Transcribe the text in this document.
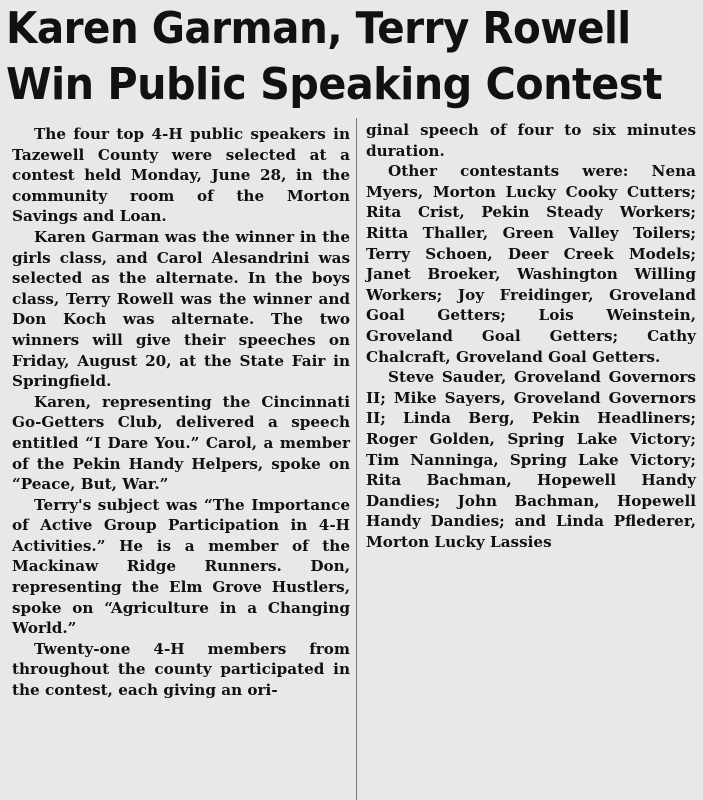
Karen Garman, Terry Rowell
Win Public Speaking Contest

The four top 4-H public speakers in Tazewell County were selected at a contest held Monday, June 28, in the community room of the Morton Savings and Loan.

Karen Garman was the winner in the girls class, and Carol Alesandrini was selected as the alternate. In the boys class, Terry Rowell was the winner and Don Koch was alternate. The two winners will give their speeches on Friday, August 20, at the State Fair in Springfield.

Karen, representing the Cincinnati Go-Getters Club, delivered a speech entitled “I Dare You.” Carol, a member of the Pekin Handy Helpers, spoke on “Peace, But, War.”

Terry's subject was “The Importance of Active Group Participation in 4-H Activities.” He is a member of the Mackinaw Ridge Runners. Don, representing the Elm Grove Hustlers, spoke on “Agriculture in a Changing World.”

Twenty-one 4-H members from throughout the county participated in the contest, each giving an ori-

ginal speech of four to six minutes duration.

Other contestants were: Nena Myers, Morton Lucky Cooky Cutters; Rita Crist, Pekin Steady Workers; Ritta Thaller, Green Valley Toilers; Terry Schoen, Deer Creek Models; Janet Broeker, Washington Willing Workers; Joy Freidinger, Groveland Goal Getters; Lois Weinstein, Groveland Goal Getters; Cathy Chalcraft, Groveland Goal Getters.

Steve Sauder, Groveland Governors II; Mike Sayers, Groveland Governors II; Linda Berg, Pekin Headliners; Roger Golden, Spring Lake Victory; Tim Nanninga, Spring Lake Victory; Rita Bachman, Hopewell Handy Dandies; John Bachman, Hopewell Handy Dandies; and Linda Pflederer, Morton Lucky Lassies
